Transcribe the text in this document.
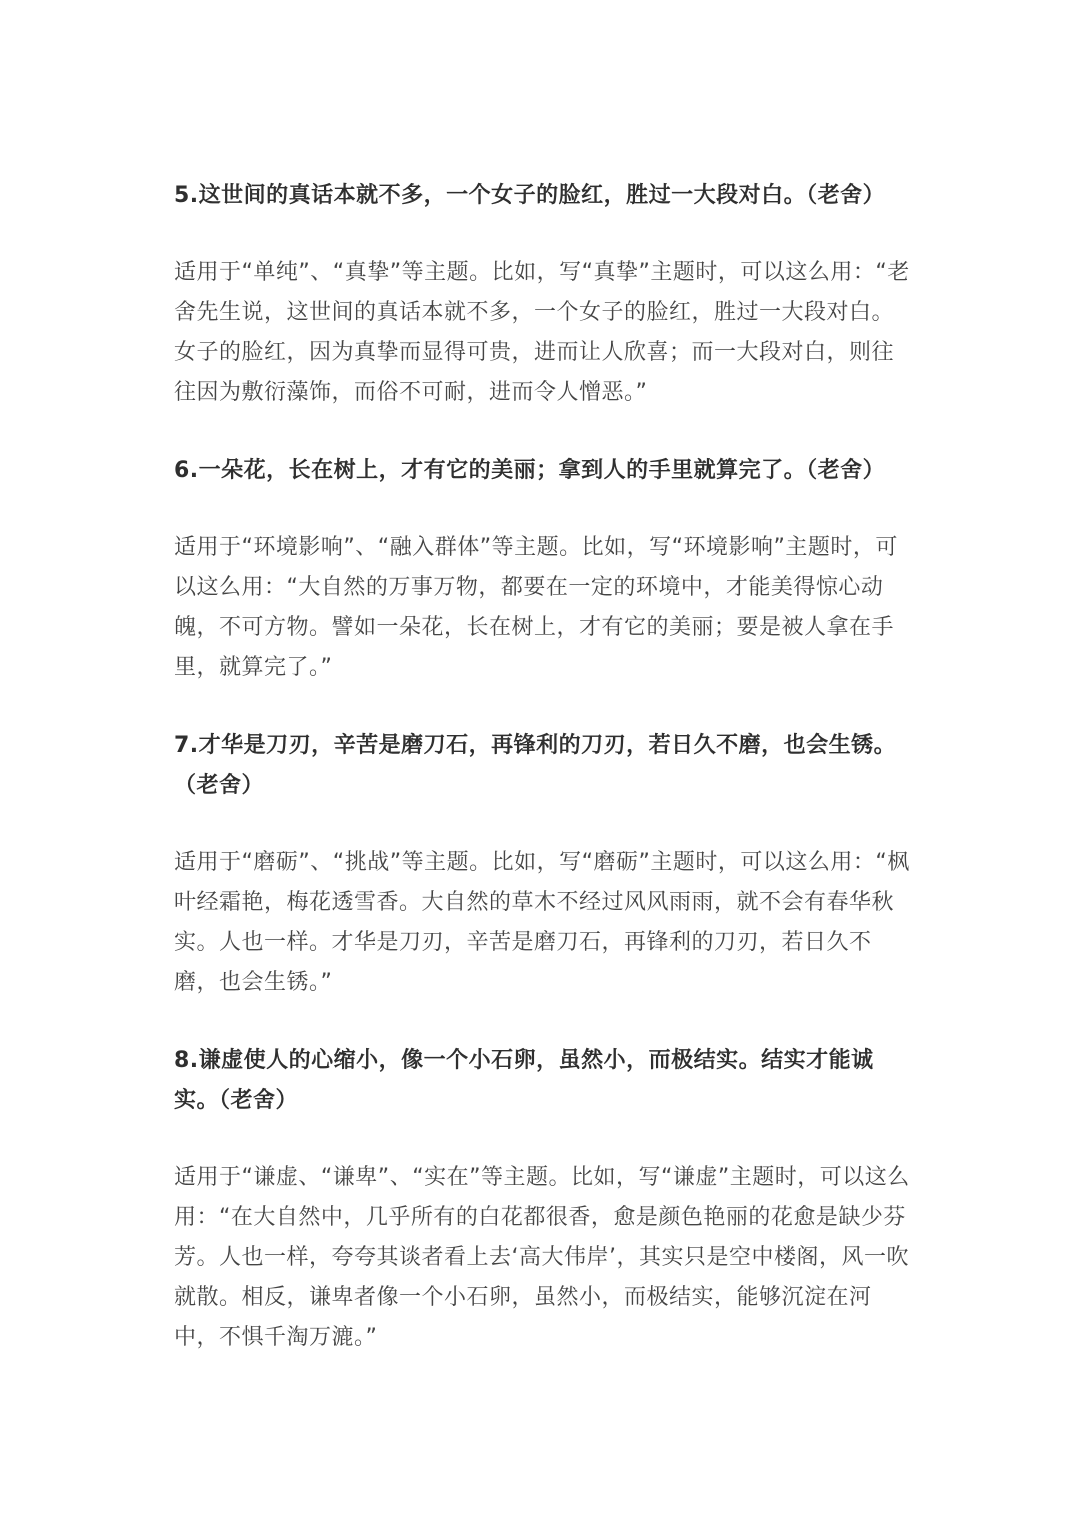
5.这世间的真话本就不多，一个女子的脸红，胜过一大段对白。（老舍）

适用于“单纯”、“真挚”等主题。比如，写“真挚”主题时，可以这么用：“老舍先生说，这世间的真话本就不多，一个女子的脸红，胜过一大段对白。女子的脸红，因为真挚而显得可贵，进而让人欣喜；而一大段对白，则往往因为敷衍藻饰，而俗不可耐，进而令人憎恶。”

6.一朵花，长在树上，才有它的美丽；拿到人的手里就算完了。（老舍）

适用于“环境影响”、“融入群体”等主题。比如，写“环境影响”主题时，可以这么用：“大自然的万事万物，都要在一定的环境中，才能美得惊心动魄，不可方物。譬如一朵花，长在树上，才有它的美丽；要是被人拿在手里，就算完了。”

7.才华是刀刃，辛苦是磨刀石，再锋利的刀刃，若日久不磨，也会生锈。（老舍）

适用于“磨砺”、“挑战”等主题。比如，写“磨砺”主题时，可以这么用：“枫叶经霜艳，梅花透雪香。大自然的草木不经过风风雨雨，就不会有春华秋实。人也一样。才华是刀刃，辛苦是磨刀石，再锋利的刀刃，若日久不磨，也会生锈。”

8.谦虚使人的心缩小，像一个小石卵，虽然小，而极结实。结实才能诚实。（老舍）

适用于“谦虚、“谦卑”、“实在”等主题。比如，写“谦虚”主题时，可以这么用：“在大自然中，几乎所有的白花都很香，愈是颜色艳丽的花愈是缺少芬芳。人也一样，夸夸其谈者看上去‘高大伟岸’，其实只是空中楼阁，风一吹就散。相反，谦卑者像一个小石卵，虽然小，而极结实，能够沉淀在河中，不惧千淘万漉。”
